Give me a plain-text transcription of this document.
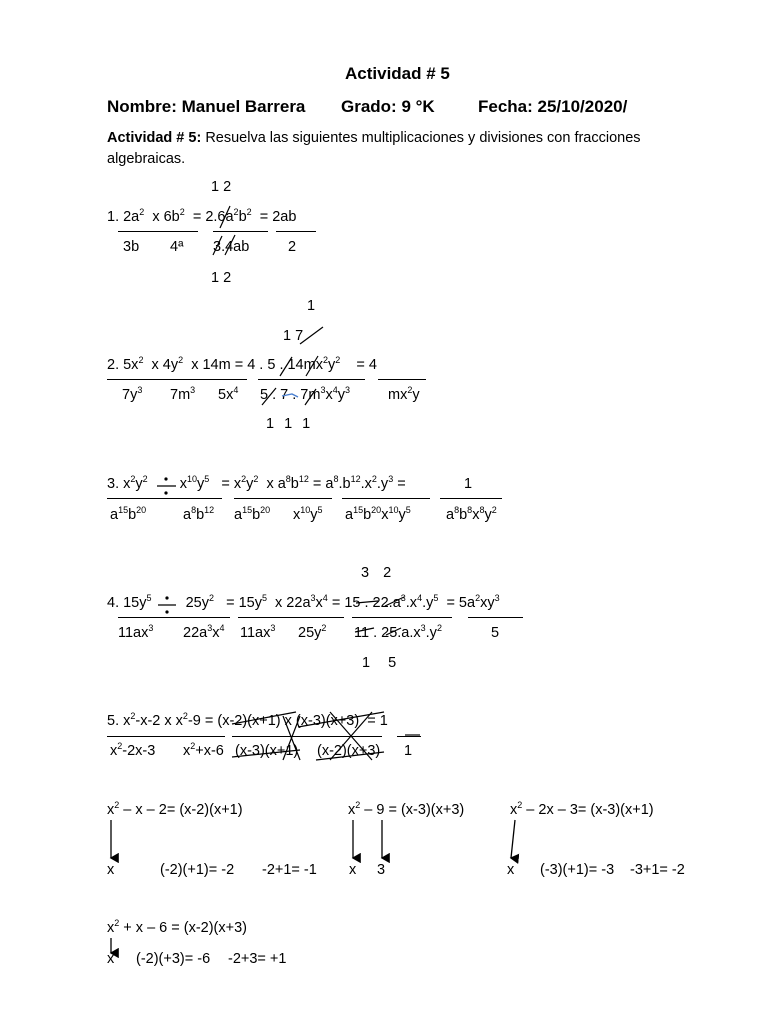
Actividad # 5
Nombre: Manuel Barrera Grado: 9 °K	Fecha: 25/10/2020/
Actividad # 5: Resuelva las siguientes multiplicaciones y divisiones con fracciones
algebraicas.
1 2
1. $2a^2$ x $6b^2 = 2.6a^2b^2 = 2ab$
3b 4ª 3.4ab	2
1 2
1
1 7
2. $5x^2$ x $4y^2$ x 14m = 4 . 5 . $14mx^2y^2 = 4$
$7y^3$ $7m^3$ $5x^4$ 5 . 7 . $7m^3x^4y^3$	$mx^2y$
1 1 1
3. $x^2y^2$ $x^{10}y^5 = x^2y^2$ x $a^8b^{12} = a^8.b^{12}.x^2.y^3$ =	1
$a^{15}b^{20}$	$a^8b^{12}$ $a^{15}b^{20}$ $x^{10}y^5$ $a^{15}b^{20}x^{10}y^5$ $a^8b^8x^8y^2$
3 2
4. $15y^5$ $25y^2 = 15y^5$ x $22a^3x^4 = 15$ . $22.a^3.x^4.y^5 = 5a^2xy^3$
$11ax^3$ $22a^3x^4$ $11ax^3$ $25y^2$ 11 . $25.a.x^3.y^2$	5
1 5
5. $x^2-x-2$ x $x^2-9 = (x-2)(x+1)$ x (x-3)(x+3) = 1
$x^2-2x-3$ $x^2+x-6$ (x-3)(x+1) (x-2)(x+3) 1
$x^2 - x - 2= (x-2)(x+1)$	$x^2 - 9 = (x-3)(x+3)$	$x^2 - 2x - 3= (x-3)(x+1)$
x	(-2)(+1)= -2 -2+1= -1 x 3	x (-3)(+1)= -3 -3+1= -2
$x^2 + x - 6 = (x-2)(x+3)$
x (-2)(+3)= -6 -2+3= +1
